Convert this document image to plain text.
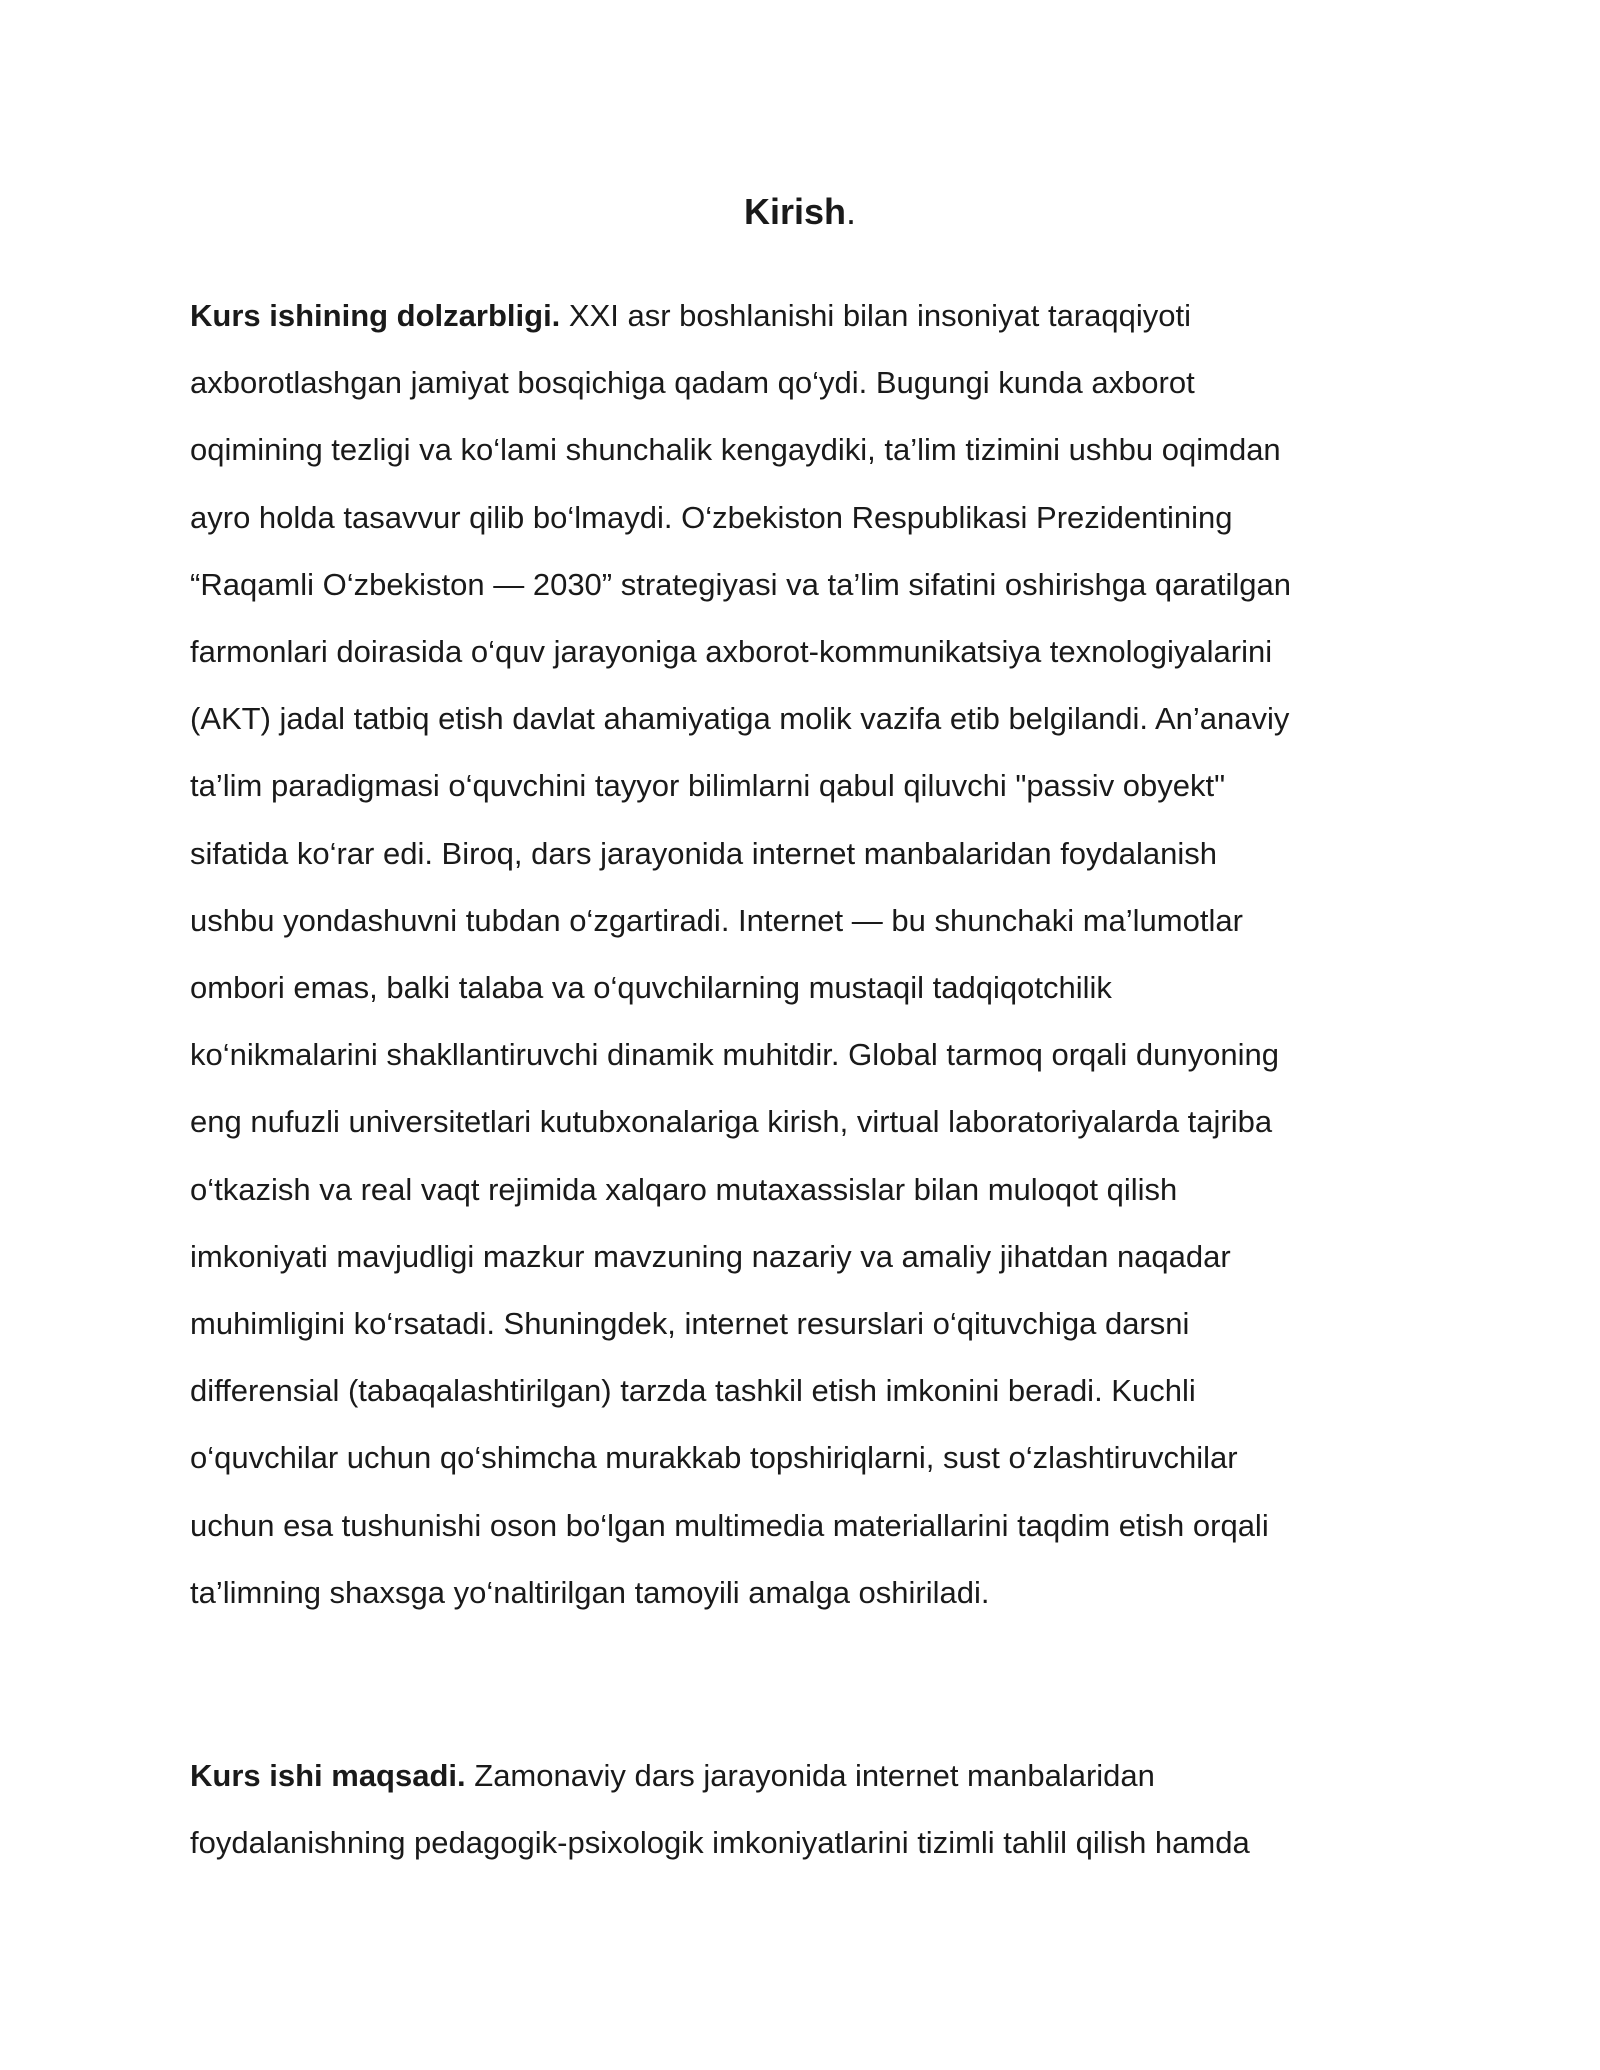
Kirish.

Kurs ishining dolzarbligi. XXI asr boshlanishi bilan insoniyat taraqqiyoti
axborotlashgan jamiyat bosqichiga qadam qo‘ydi. Bugungi kunda axborot
oqimining tezligi va ko‘lami shunchalik kengaydiki, ta’lim tizimini ushbu oqimdan
ayro holda tasavvur qilib bo‘lmaydi. O‘zbekiston Respublikasi Prezidentining
“Raqamli O‘zbekiston — 2030” strategiyasi va ta’lim sifatini oshirishga qaratilgan
farmonlari doirasida o‘quv jarayoniga axborot-kommunikatsiya texnologiyalarini
(AKT) jadal tatbiq etish davlat ahamiyatiga molik vazifa etib belgilandi. An’anaviy
ta’lim paradigmasi o‘quvchini tayyor bilimlarni qabul qiluvchi "passiv obyekt"
sifatida ko‘rar edi. Biroq, dars jarayonida internet manbalaridan foydalanish
ushbu yondashuvni tubdan o‘zgartiradi. Internet — bu shunchaki ma’lumotlar
ombori emas, balki talaba va o‘quvchilarning mustaqil tadqiqotchilik
ko‘nikmalarini shakllantiruvchi dinamik muhitdir. Global tarmoq orqali dunyoning
eng nufuzli universitetlari kutubxonalariga kirish, virtual laboratoriyalarda tajriba
o‘tkazish va real vaqt rejimida xalqaro mutaxassislar bilan muloqot qilish
imkoniyati mavjudligi mazkur mavzuning nazariy va amaliy jihatdan naqadar
muhimligini ko‘rsatadi. Shuningdek, internet resurslari o‘qituvchiga darsni
differensial (tabaqalashtirilgan) tarzda tashkil etish imkonini beradi. Kuchli
o‘quvchilar uchun qo‘shimcha murakkab topshiriqlarni, sust o‘zlashtiruvchilar
uchun esa tushunishi oson bo‘lgan multimedia materiallarini taqdim etish orqali
ta’limning shaxsga yo‘naltirilgan tamoyili amalga oshiriladi.

Kurs ishi maqsadi. Zamonaviy dars jarayonida internet manbalaridan
foydalanishning pedagogik-psixologik imkoniyatlarini tizimli tahlil qilish hamda
